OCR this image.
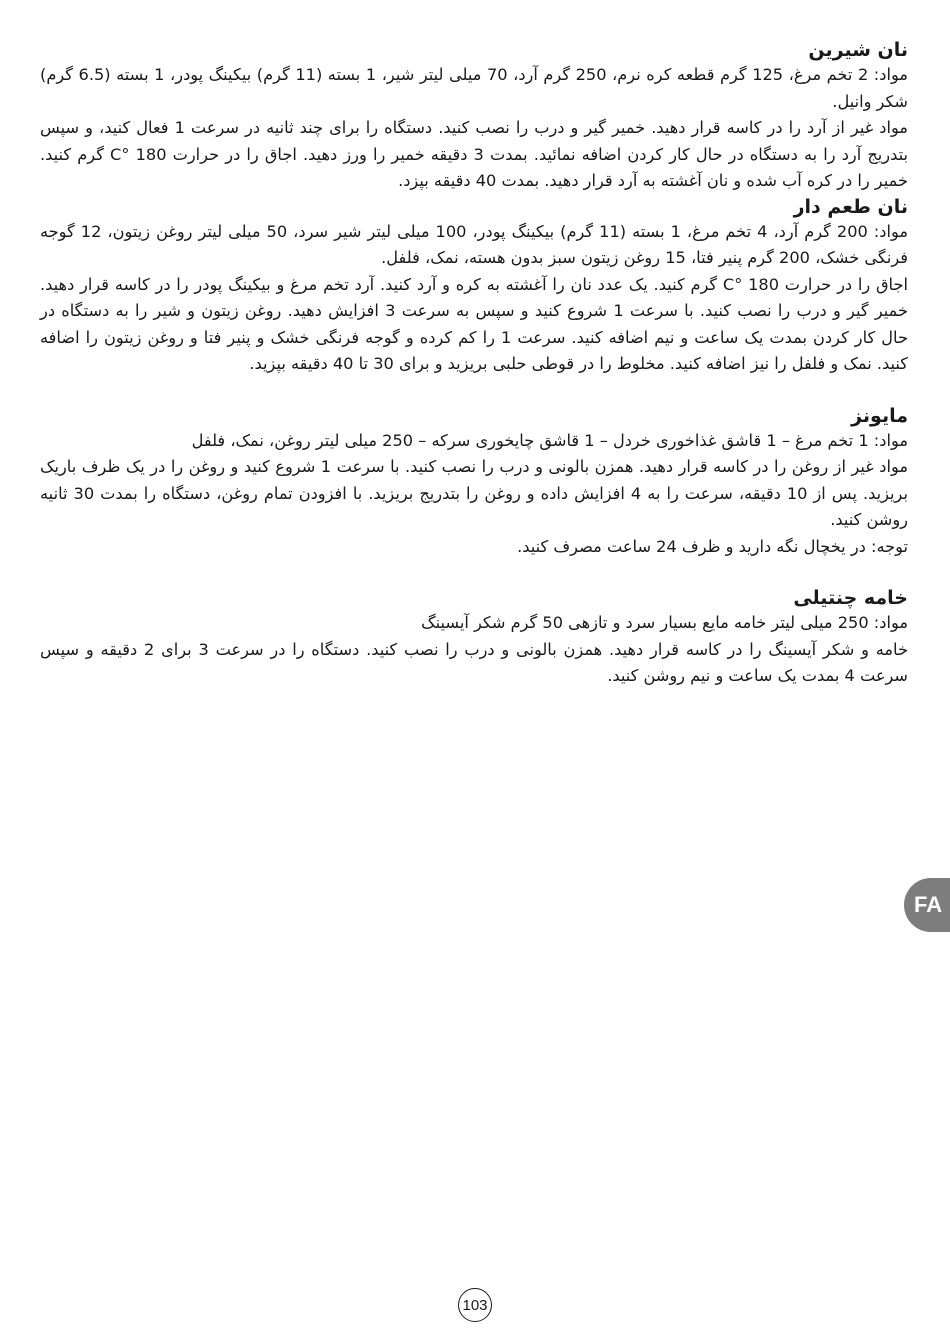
نان شیرین

مواد: 2 تخم مرغ، 125 گرم قطعه کره نرم، 250 گرم آرد، 70 میلی لیتر شیر، 1 بسته (11 گرم) بیکینگ پودر، 1 بسته (6.5 گرم) شکر وانیل.

مواد غیر از آرد را در کاسه قرار دهید. خمیر گیر و درب را نصب کنید. دستگاه را برای چند ثانیه در سرعت 1 فعال کنید، و سپس بتدریج آرد را به دستگاه در حال کار کردن اضافه نمائید. بمدت 3 دقیقه خمیر را ورز دهید. اجاق را در حرارت 180 °C گرم کنید. خمیر را در کره آب شده و نان آغشته به آرد قرار دهید. بمدت 40 دقیقه بپزد.

نان طعم دار

مواد: 200 گرم آرد، 4 تخم مرغ، 1 بسته (11 گرم) بیکینگ پودر، 100 میلی لیتر شیر سرد، 50 میلی لیتر روغن زیتون، 12 گوجه فرنگی خشک، 200 گرم پنیر فتا، 15 روغن زیتون سبز بدون هسته، نمک، فلفل.

اجاق را در حرارت 180 °C گرم کنید. یک عدد نان را آغشته به کره و آرد کنید. آرد تخم مرغ و بیکینگ پودر را در کاسه قرار دهید. خمیر گیر و درب را نصب کنید. با سرعت 1 شروع کنید و سپس به سرعت 3 افزایش دهید. روغن زیتون و شیر را به دستگاه در حال کار کردن بمدت یک ساعت و نیم اضافه کنید. سرعت 1 را کم کرده و گوجه فرنگی خشک و پنیر فتا و روغن زیتون را اضافه کنید. نمک و فلفل را نیز اضافه کنید. مخلوط را در قوطی حلبی بریزید و برای 30 تا 40 دقیقه بپزید.

مایونز

مواد: 1 تخم مرغ – 1 قاشق غذاخوری خردل – 1 قاشق چایخوری سرکه – 250 میلی لیتر روغن، نمک، فلفل

مواد غیر از روغن را در کاسه قرار دهید. همزن بالونی و درب را نصب کنید. با سرعت 1 شروع کنید و روغن را در یک ظرف باریک بریزید. پس از 10 دقیقه، سرعت را به 4 افزایش داده و روغن را بتدریج بریزید. با افزودن تمام روغن، دستگاه را بمدت 30 ثانیه روشن کنید.

توجه: در یخچال نگه دارید و ظرف 24 ساعت مصرف کنید.

خامه چنتیلی

مواد: 250 میلی لیتر خامه مایع بسیار سرد و تازهی 50 گرم شکر آیسینگ

خامه و شکر آیسینگ را در کاسه قرار دهید. همزن بالونی و درب را نصب کنید. دستگاه را در سرعت 3 برای 2 دقیقه و سپس سرعت 4 بمدت یک ساعت و نیم روشن کنید.

FA
103
